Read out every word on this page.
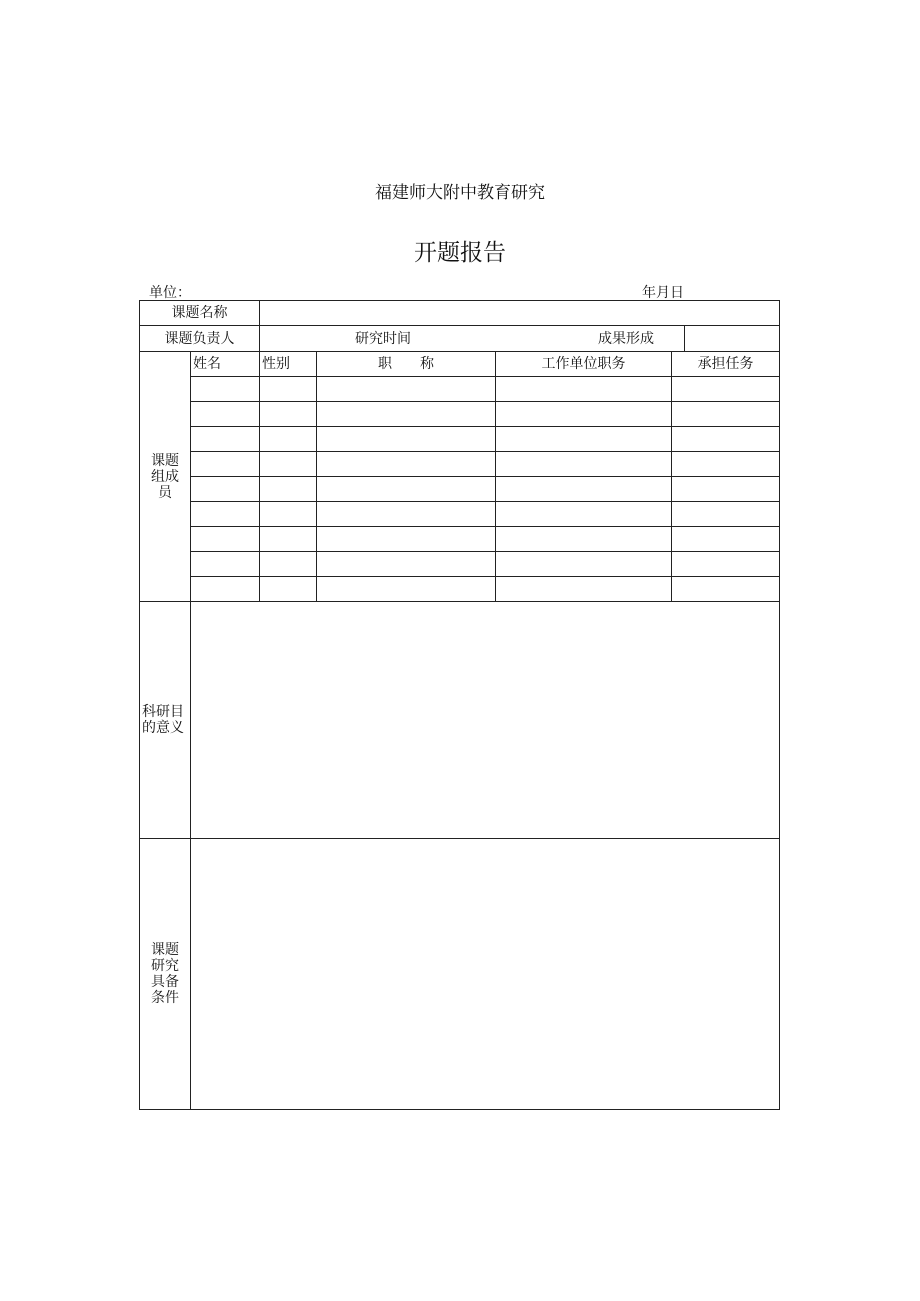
福建师大附中教育研究
开题报告
单位：	年月日
课题名称					
课题负责人		研究时间 成果形成			

课题
组成
员	姓名	性别	职　　称	工作单位职务	承担任务

科研目
的意义					

课题
研究
具备
条件					
